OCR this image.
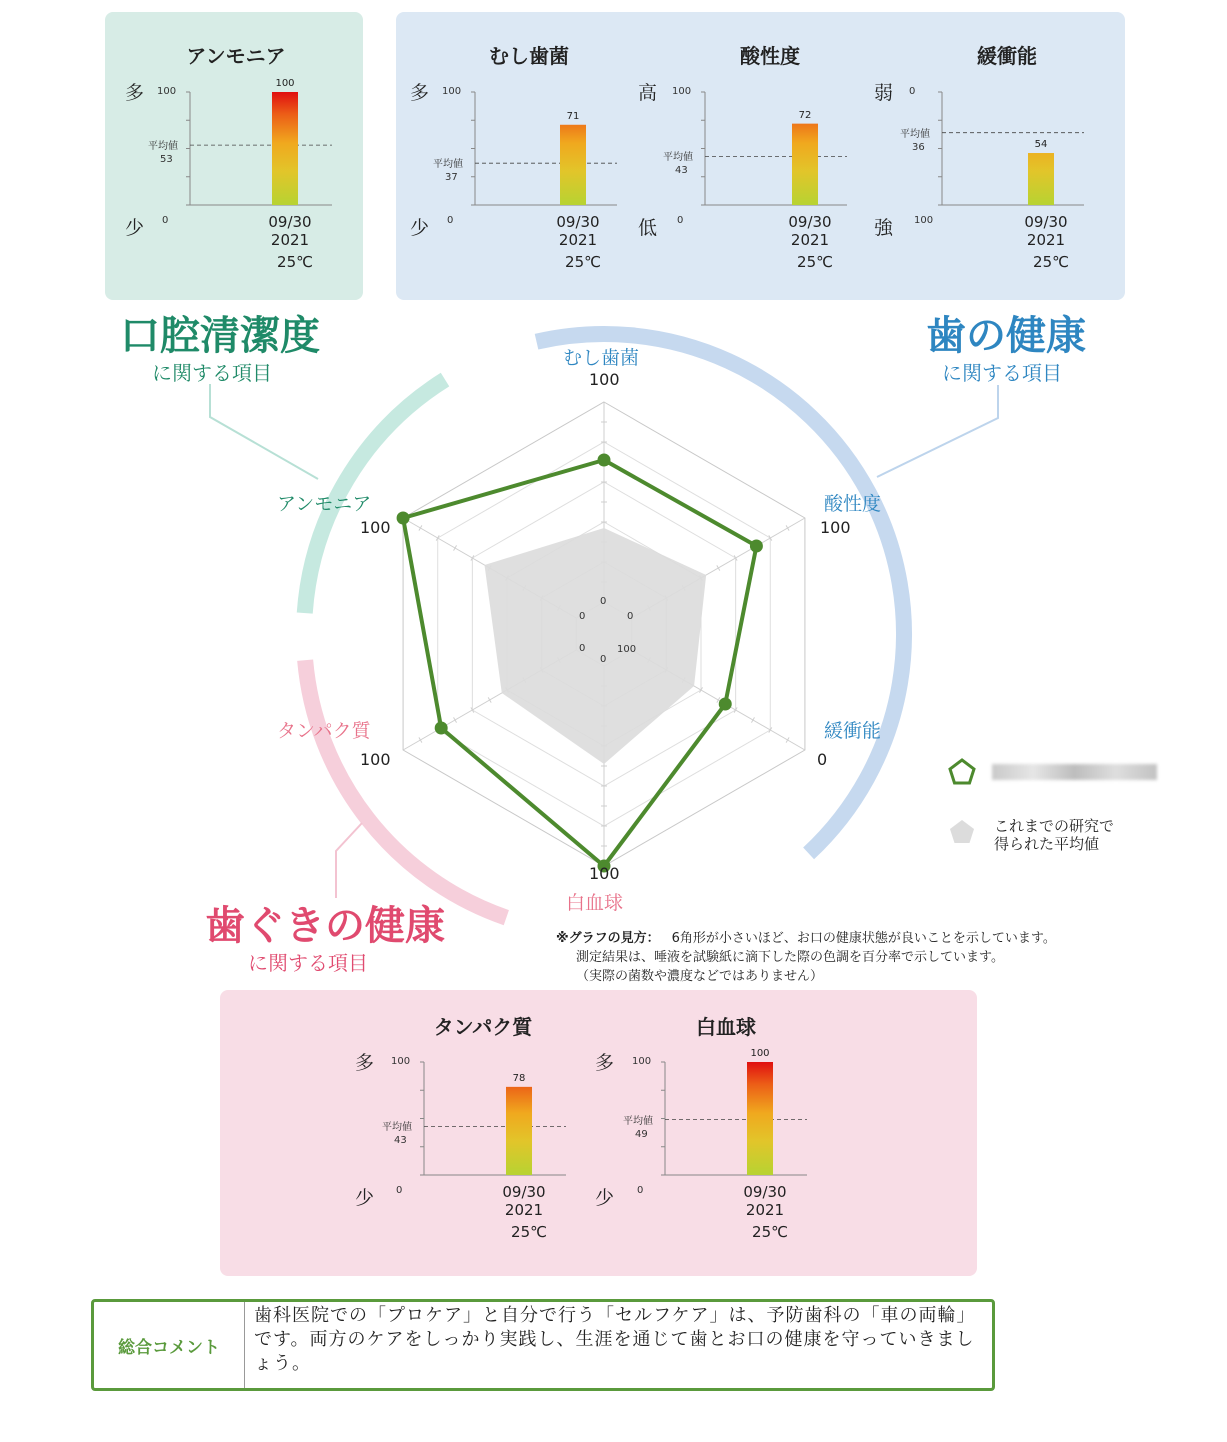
アンモニア	むし歯菌	酸性度	緩衝能
タンパク質	白血球
100
多
少
100
0
平均値
53
09/30
2021
25℃
71
多
少
100
0
平均値
37
09/30
2021
25℃
72
高
低
100
0
平均値
43
09/30
2021
25℃
54
弱
強
0
100
平均値
36
09/30
2021
25℃
78
多
少
100
0
平均値
43
09/30
2021
25℃
100
多
少
100
0
平均値
49
09/30
2021
25℃
口腔清潔度
に関する項目
歯の健康
に関する項目
歯ぐきの健康
に関する項目
むし歯菌
100
酸性度
100
緩衝能
0
白血球
100
タンパク質
100
アンモニア
100
0
0
100
0
0
0
これまでの研究で
得られた平均値
※グラフの見方： 6角形が小さいほど、お口の健康状態が良いことを示しています。
測定結果は、唾液を試験紙に滴下した際の色調を百分率で示しています。
（実際の菌数や濃度などではありません）
総合コメント
歯科医院での「プロケア」と自分で行う「セルフケア」は、予防歯科の「車の両輪」です。両方のケアをしっかり実践し、生涯を通じて歯とお口の健康を守っていきましょう。
